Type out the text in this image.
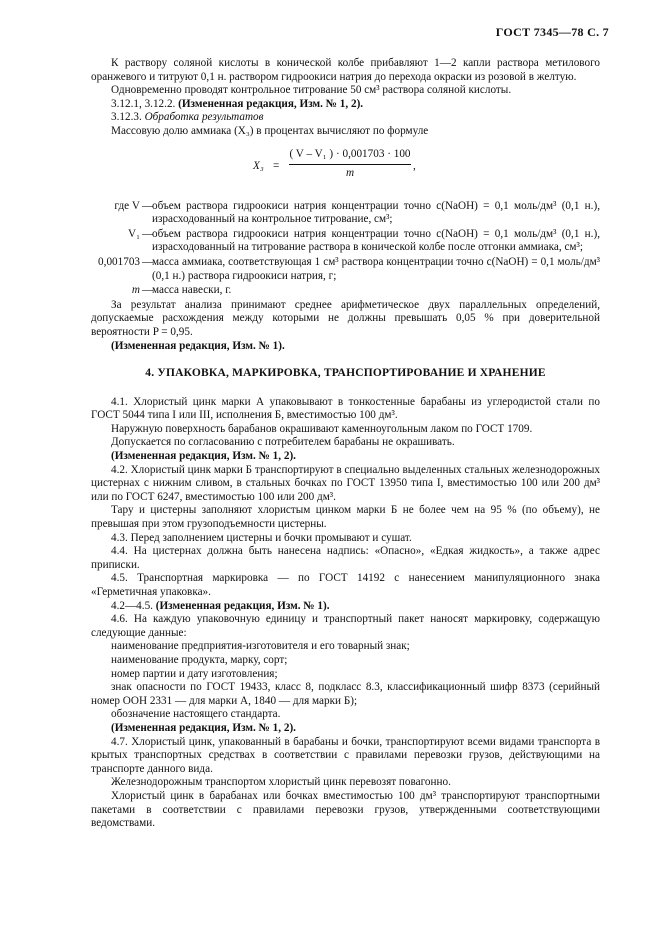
ГОСТ 7345—78 С. 7

К раствору соляной кислоты в конической колбе прибавляют 1—2 капли раствора метилового оранжевого и титруют 0,1 н. раствором гидроокиси натрия до перехода окраски из розовой в желтую.

Одновременно проводят контрольное титрование 50 см³ раствора соляной кислоты.

3.12.1, 3.12.2. (Измененная редакция, Изм. № 1, 2).

3.12.3. Обработка результатов

Массовую долю аммиака (X₃) в процентах вычисляют по формуле

X₃ =
( V – V₁ ) · 0,001703 · 100
m
,
где V —
объем раствора гидроокиси натрия концентрации точно c(NaOH) = 0,1 моль/дм³ (0,1 н.), израсходованный на контрольное титрование, см³;
V₁ —
объем раствора гидроокиси натрия концентрации точно c(NaOH) = 0,1 моль/дм³ (0,1 н.), израсходованный на титрование раствора в конической колбе после отгонки аммиака, см³;
0,001703 —
масса аммиака, соответствующая 1 см³ раствора концентрации точно c(NaOH) = 0,1 моль/дм³ (0,1 н.) раствора гидроокиси натрия, г;
m —
масса навески, г.

За результат анализа принимают среднее арифметическое двух параллельных определений, допускаемые расхождения между которыми не должны превышать 0,05 % при доверительной вероятности P = 0,95.

(Измененная редакция, Изм. № 1).

4. УПАКОВКА, МАРКИРОВКА, ТРАНСПОРТИРОВАНИЕ И ХРАНЕНИЕ

4.1. Хлористый цинк марки А упаковывают в тонкостенные барабаны из углеродистой стали по ГОСТ 5044 типа I или III, исполнения Б, вместимостью 100 дм³.

Наружную поверхность барабанов окрашивают каменноугольным лаком по ГОСТ 1709.

Допускается по согласованию с потребителем барабаны не окрашивать.

(Измененная редакция, Изм. № 1, 2).

4.2. Хлористый цинк марки Б транспортируют в специально выделенных стальных железнодорожных цистернах с нижним сливом, в стальных бочках по ГОСТ 13950 типа I, вместимостью 100 или 200 дм³ или по ГОСТ 6247, вместимостью 100 или 200 дм³.

Тару и цистерны заполняют хлористым цинком марки Б не более чем на 95 % (по объему), не превышая при этом грузоподъемности цистерны.

4.3. Перед заполнением цистерны и бочки промывают и сушат.

4.4. На цистернах должна быть нанесена надпись: «Опасно», «Едкая жидкость», а также адрес приписки.

4.5. Транспортная маркировка — по ГОСТ 14192 с нанесением манипуляционного знака «Герметичная упаковка».

4.2—4.5. (Измененная редакция, Изм. № 1).

4.6. На каждую упаковочную единицу и транспортный пакет наносят маркировку, содержащую следующие данные:

наименование предприятия-изготовителя и его товарный знак;

наименование продукта, марку, сорт;

номер партии и дату изготовления;

знак опасности по ГОСТ 19433, класс 8, подкласс 8.3, классификационный шифр 8373 (серийный номер ООН 2331 — для марки А, 1840 — для марки Б);

обозначение настоящего стандарта.

(Измененная редакция, Изм. № 1, 2).

4.7. Хлористый цинк, упакованный в барабаны и бочки, транспортируют всеми видами транспорта в крытых транспортных средствах в соответствии с правилами перевозки грузов, действующими на транспорте данного вида.

Железнодорожным транспортом хлористый цинк перевозят повагонно.

Хлористый цинк в барабанах или бочках вместимостью 100 дм³ транспортируют транспортными пакетами в соответствии с правилами перевозки грузов, утвержденными соответствующими ведомствами.
